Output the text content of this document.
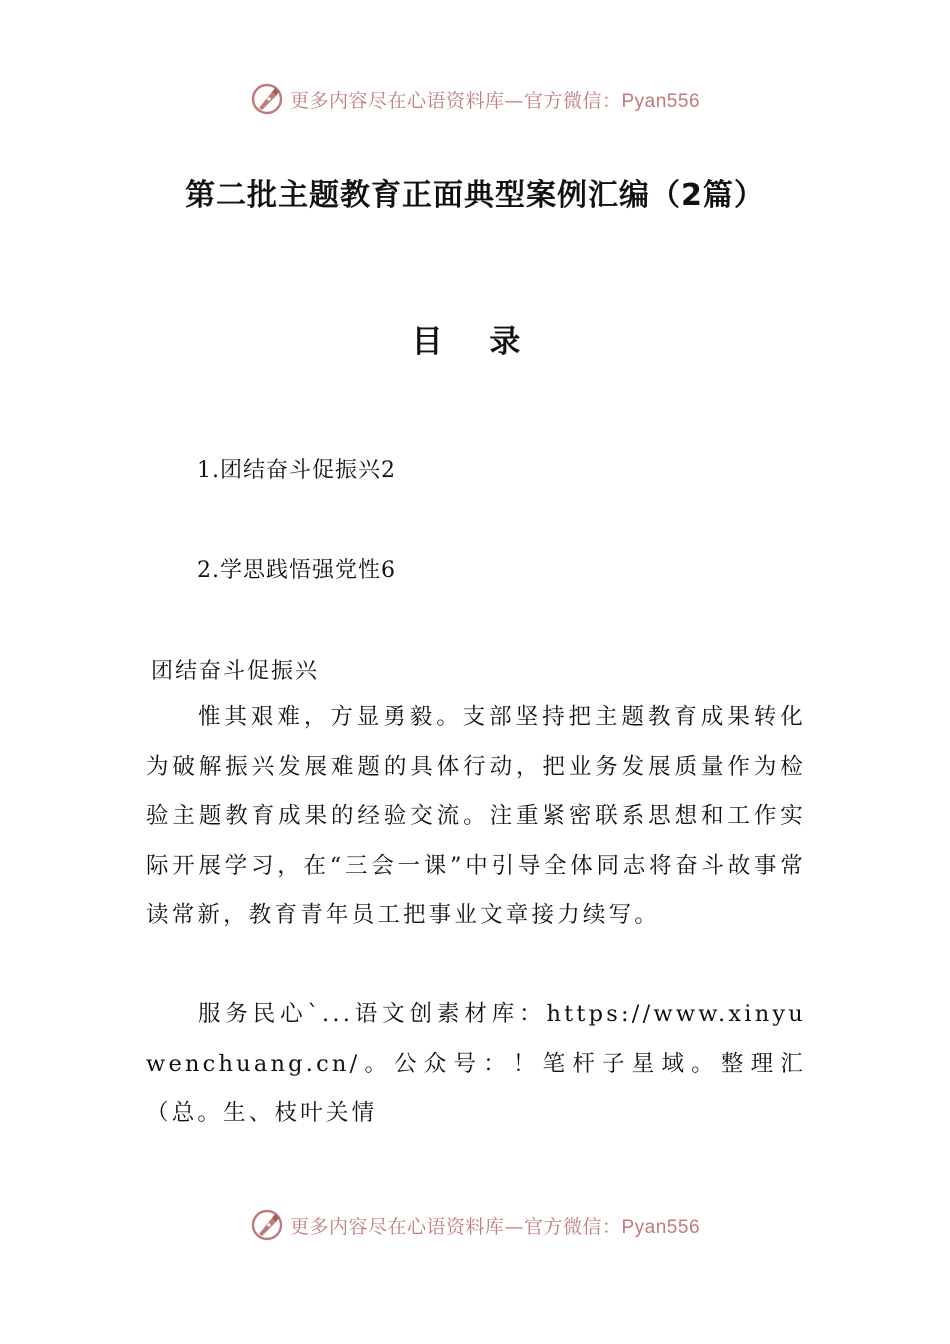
更多内容尽在心语资料库—官方微信：Pyan556
第二批主题教育正面典型案例汇编（2篇）
目 录
1.团结奋斗促振兴2
2.学思践悟强党性6
团结奋斗促振兴

惟其艰难，方显勇毅。支部坚持把主题教育成果转化为破解振兴发展难题的具体行动，把业务发展质量作为检验主题教育成果的经验交流。注重紧密联系思想和工作实际开展学习，在“三会一课”中引导全体同志将奋斗故事常读常新，教育青年员工把事业文章接力续写。

服务民心`...语文创素材库：https://www.xinyuwenchuang.cn/。公众号：！笔杆子星域。整理汇（总。生、枝叶关情

更多内容尽在心语资料库—官方微信：Pyan556
